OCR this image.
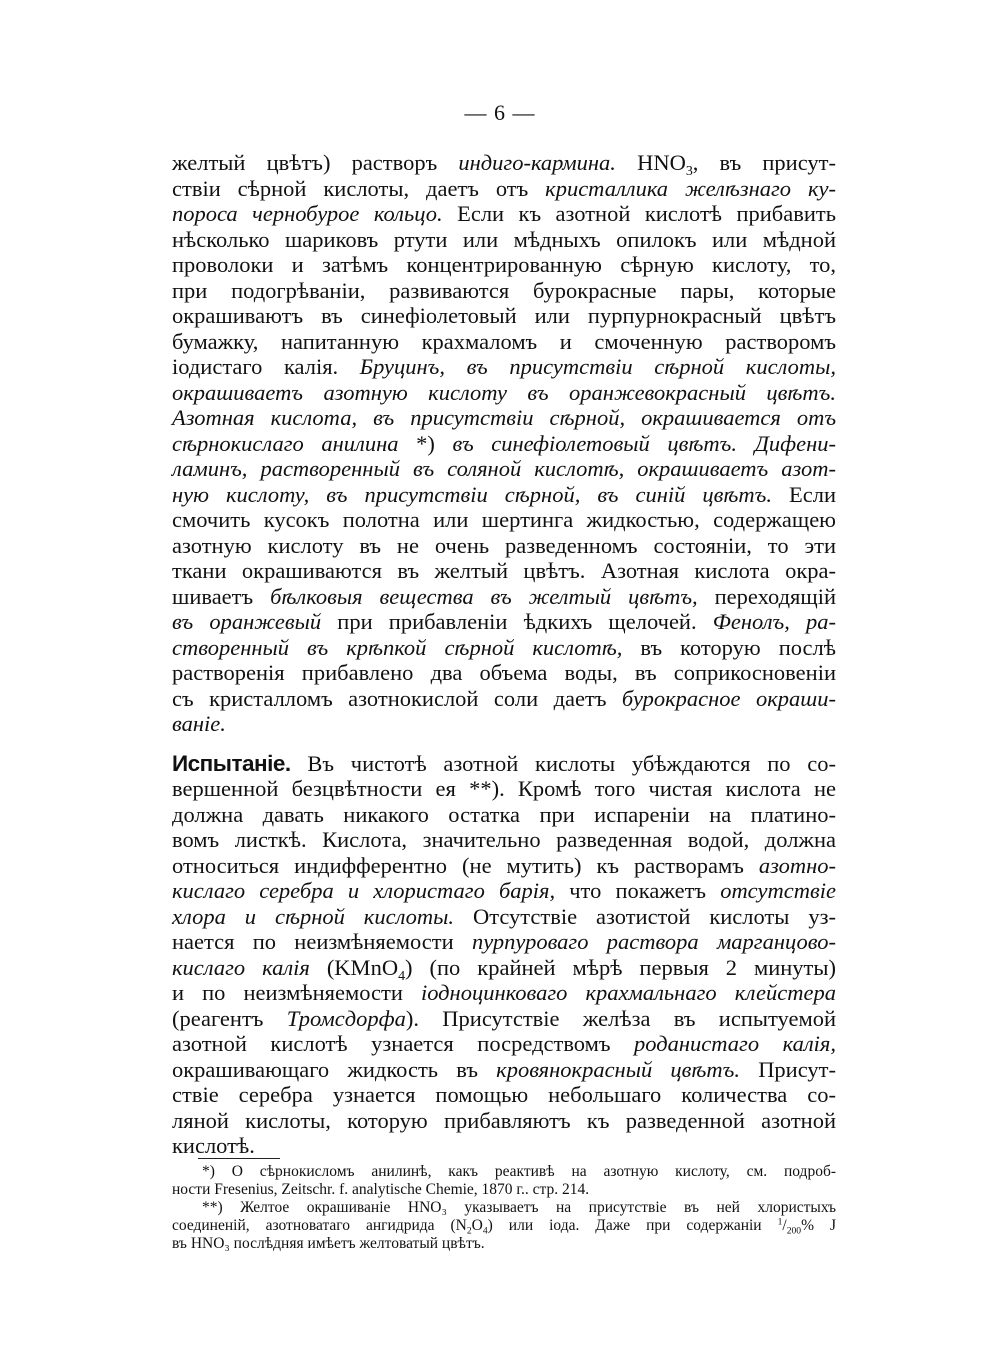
— 6 —
желтый цвѣтъ) растворъ индиго-кармина. $HNO_3$, въ присут-
ствіи сѣрной кислоты, даетъ отъ кристаллика желѣзнаго ку-
пороса чернобурое кольцо. Если къ азотной кислотѣ прибавить
нѣсколько шариковъ ртути или мѣдныхъ опилокъ или мѣдной
проволоки и затѣмъ концентрированную сѣрную кислоту, то,
при подогрѣваніи, развиваются бурокрасные пары, которые
окрашиваютъ въ синефіолетовый или пурпурнокрасный цвѣтъ
бумажку, напитанную крахмаломъ и смоченную растворомъ
іодистаго калія. Бруцинъ, въ присутствіи сѣрной кислоты,
окрашиваетъ азотную кислоту въ оранжевокрасный цвѣтъ.
Азотная кислота, въ присутствіи сѣрной, окрашивается отъ
сѣрнокислаго анилина *) въ синефіолетовый цвѣтъ. Дифени-
ламинъ, растворенный въ соляной кислотѣ, окрашиваетъ азот-
ную кислоту, въ присутствіи сѣрной, въ синій цвѣтъ. Если
смочить кусокъ полотна или шертинга жидкостью, содержащею
азотную кислоту въ не очень разведенномъ состояніи, то эти
ткани окрашиваются въ желтый цвѣтъ. Азотная кислота окра-
шиваетъ бѣлковыя вещества въ желтый цвѣтъ, переходящій
въ оранжевый при прибавленіи ѣдкихъ щелочей. Фенолъ, ра-
створенный въ крѣпкой сѣрной кислотѣ, въ которую послѣ
растворенія прибавлено два объема воды, въ соприкосновеніи
съ кристалломъ азотнокислой соли даетъ бурокрасное окраши-
ваніе.
Испытаніе. Въ чистотѣ азотной кислоты убѣждаются по со-
вершенной безцвѣтности ея **). Кромѣ того чистая кислота не
должна давать никакого остатка при испареніи на платино-
вомъ листкѣ. Кислота, значительно разведенная водой, должна
относиться индифферентно (не мутить) къ растворамъ азотно-
кислаго серебра и хлористаго барія, что покажетъ отсутствіе
хлора и сѣрной кислоты. Отсутствіе азотистой кислоты уз-
нается по неизмѣняемости пурпуроваго раствора марганцово-
кислаго калія (KMnO$_4$) (по крайней мѣрѣ первыя 2 минуты)
и по неизмѣняемости іодноцинковаго крахмальнаго клейстера
(реагентъ Тромсдорфа). Присутствіе желѣза въ испытуемой
азотной кислотѣ узнается посредствомъ роданистаго калія,
окрашивающаго жидкость въ кровянокрасный цвѣтъ. Присут-
ствіе серебра узнается помощью небольшаго количества со-
ляной кислоты, которую прибавляютъ къ разведенной азотной
кислотѣ.
*) О сѣрнокисломъ анилинѣ, какъ реактивѣ на азотную кислоту, см. подроб-
ности Fresenius, Zeitschr. f. analytische Chemie, 1870 г.. стр. 214.
**) Желтое окрашиваніе HNO₃ указываетъ на присутствіе въ ней хлористыхъ
соединеній, азотноватаго ангидрида $(N_2O_4)$ или іода. Даже при содержаніи $^1/_{200}\%$ J
въ HNO₃ послѣдняя имѣетъ желтоватый цвѣтъ.
